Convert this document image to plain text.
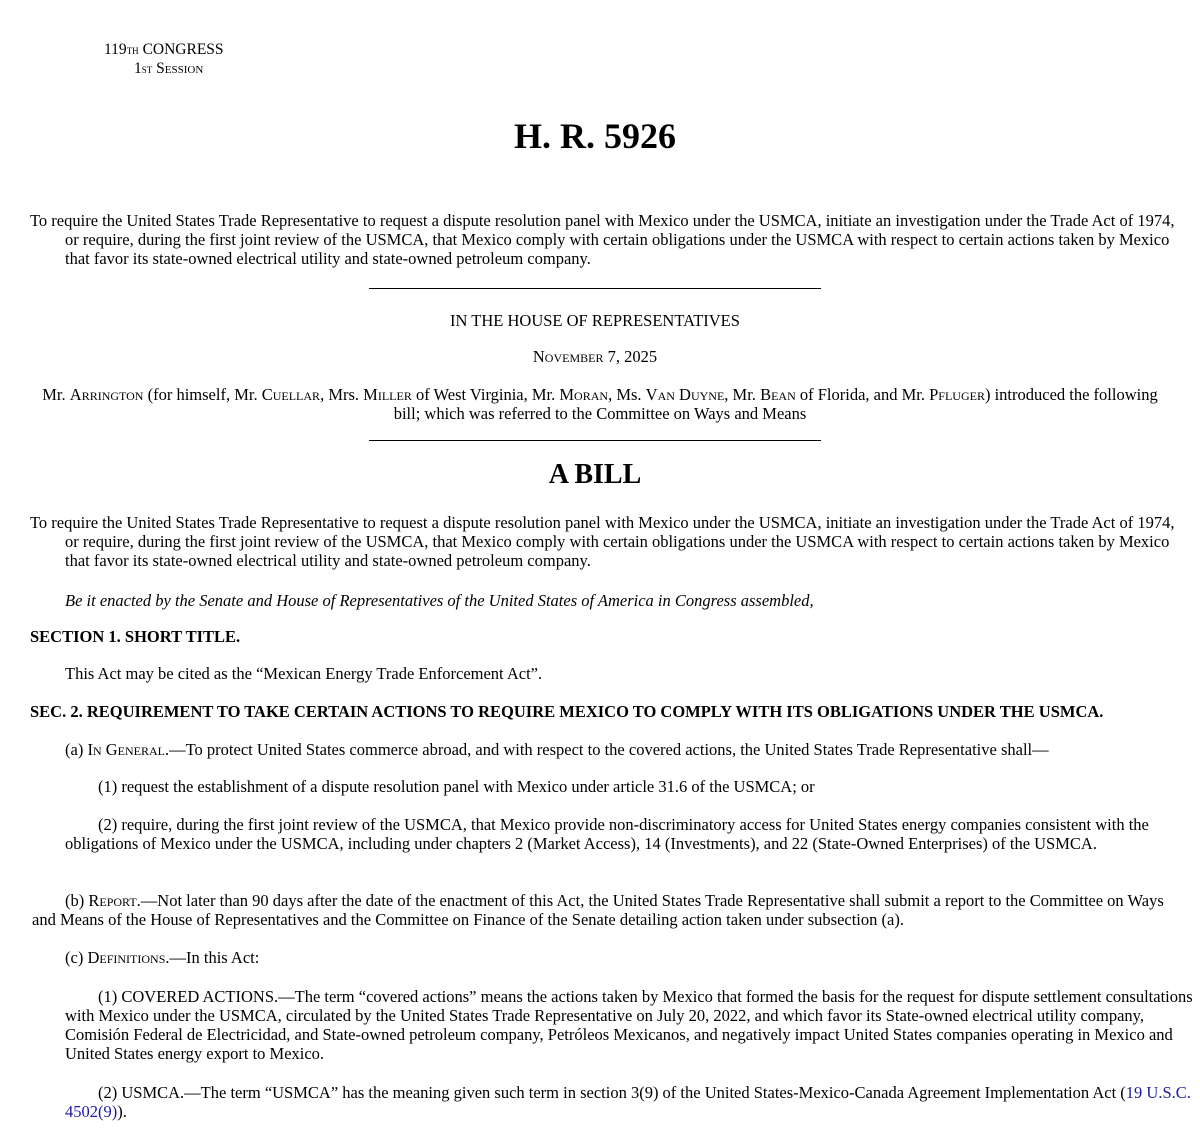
119th CONGRESS
1st Session
H. R. 5926
To require the United States Trade Representative to request a dispute resolution panel with Mexico under the USMCA, initiate an investigation under the Trade Act of 1974, or require, during the first joint review of the USMCA, that Mexico comply with certain obligations under the USMCA with respect to certain actions taken by Mexico that favor its state-owned electrical utility and state-owned petroleum company.
IN THE HOUSE OF REPRESENTATIVES
November 7, 2025
Mr. Arrington (for himself, Mr. Cuellar, Mrs. Miller of West Virginia, Mr. Moran, Ms. Van Duyne, Mr. Bean of Florida, and Mr. Pfluger) introduced the following
bill; which was referred to the Committee on Ways and Means
A BILL
To require the United States Trade Representative to request a dispute resolution panel with Mexico under the USMCA, initiate an investigation under the Trade Act of 1974, or require, during the first joint review of the USMCA, that Mexico comply with certain obligations under the USMCA with respect to certain actions taken by Mexico that favor its state-owned electrical utility and state-owned petroleum company.
Be it enacted by the Senate and House of Representatives of the United States of America in Congress assembled,
SECTION 1. SHORT TITLE.
This Act may be cited as the “Mexican Energy Trade Enforcement Act”.
SEC. 2. REQUIREMENT TO TAKE CERTAIN ACTIONS TO REQUIRE MEXICO TO COMPLY WITH ITS OBLIGATIONS UNDER THE USMCA.
(a) In General.—To protect United States commerce abroad, and with respect to the covered actions, the United States Trade Representative shall—
(1) request the establishment of a dispute resolution panel with Mexico under article 31.6 of the USMCA; or
(2) require, during the first joint review of the USMCA, that Mexico provide non-discriminatory access for United States energy companies consistent with the obligations of Mexico under the USMCA, including under chapters 2 (Market Access), 14 (Investments), and 22 (State-Owned Enterprises) of the USMCA.
(b) Report.—Not later than 90 days after the date of the enactment of this Act, the United States Trade Representative shall submit a report to the Committee on Ways and Means of the House of Representatives and the Committee on Finance of the Senate detailing action taken under subsection (a).
(c) Definitions.—In this Act:
(1) COVERED ACTIONS.—The term “covered actions” means the actions taken by Mexico that formed the basis for the request for dispute settlement consultations with Mexico under the USMCA, circulated by the United States Trade Representative on July 20, 2022, and which favor its State-owned electrical utility company, Comisión Federal de Electricidad, and State-owned petroleum company, Petróleos Mexicanos, and negatively impact United States companies operating in Mexico and United States energy export to Mexico.
(2) USMCA.—The term “USMCA” has the meaning given such term in section 3(9) of the United States-Mexico-Canada Agreement Implementation Act (19 U.S.C. 4502(9)).
